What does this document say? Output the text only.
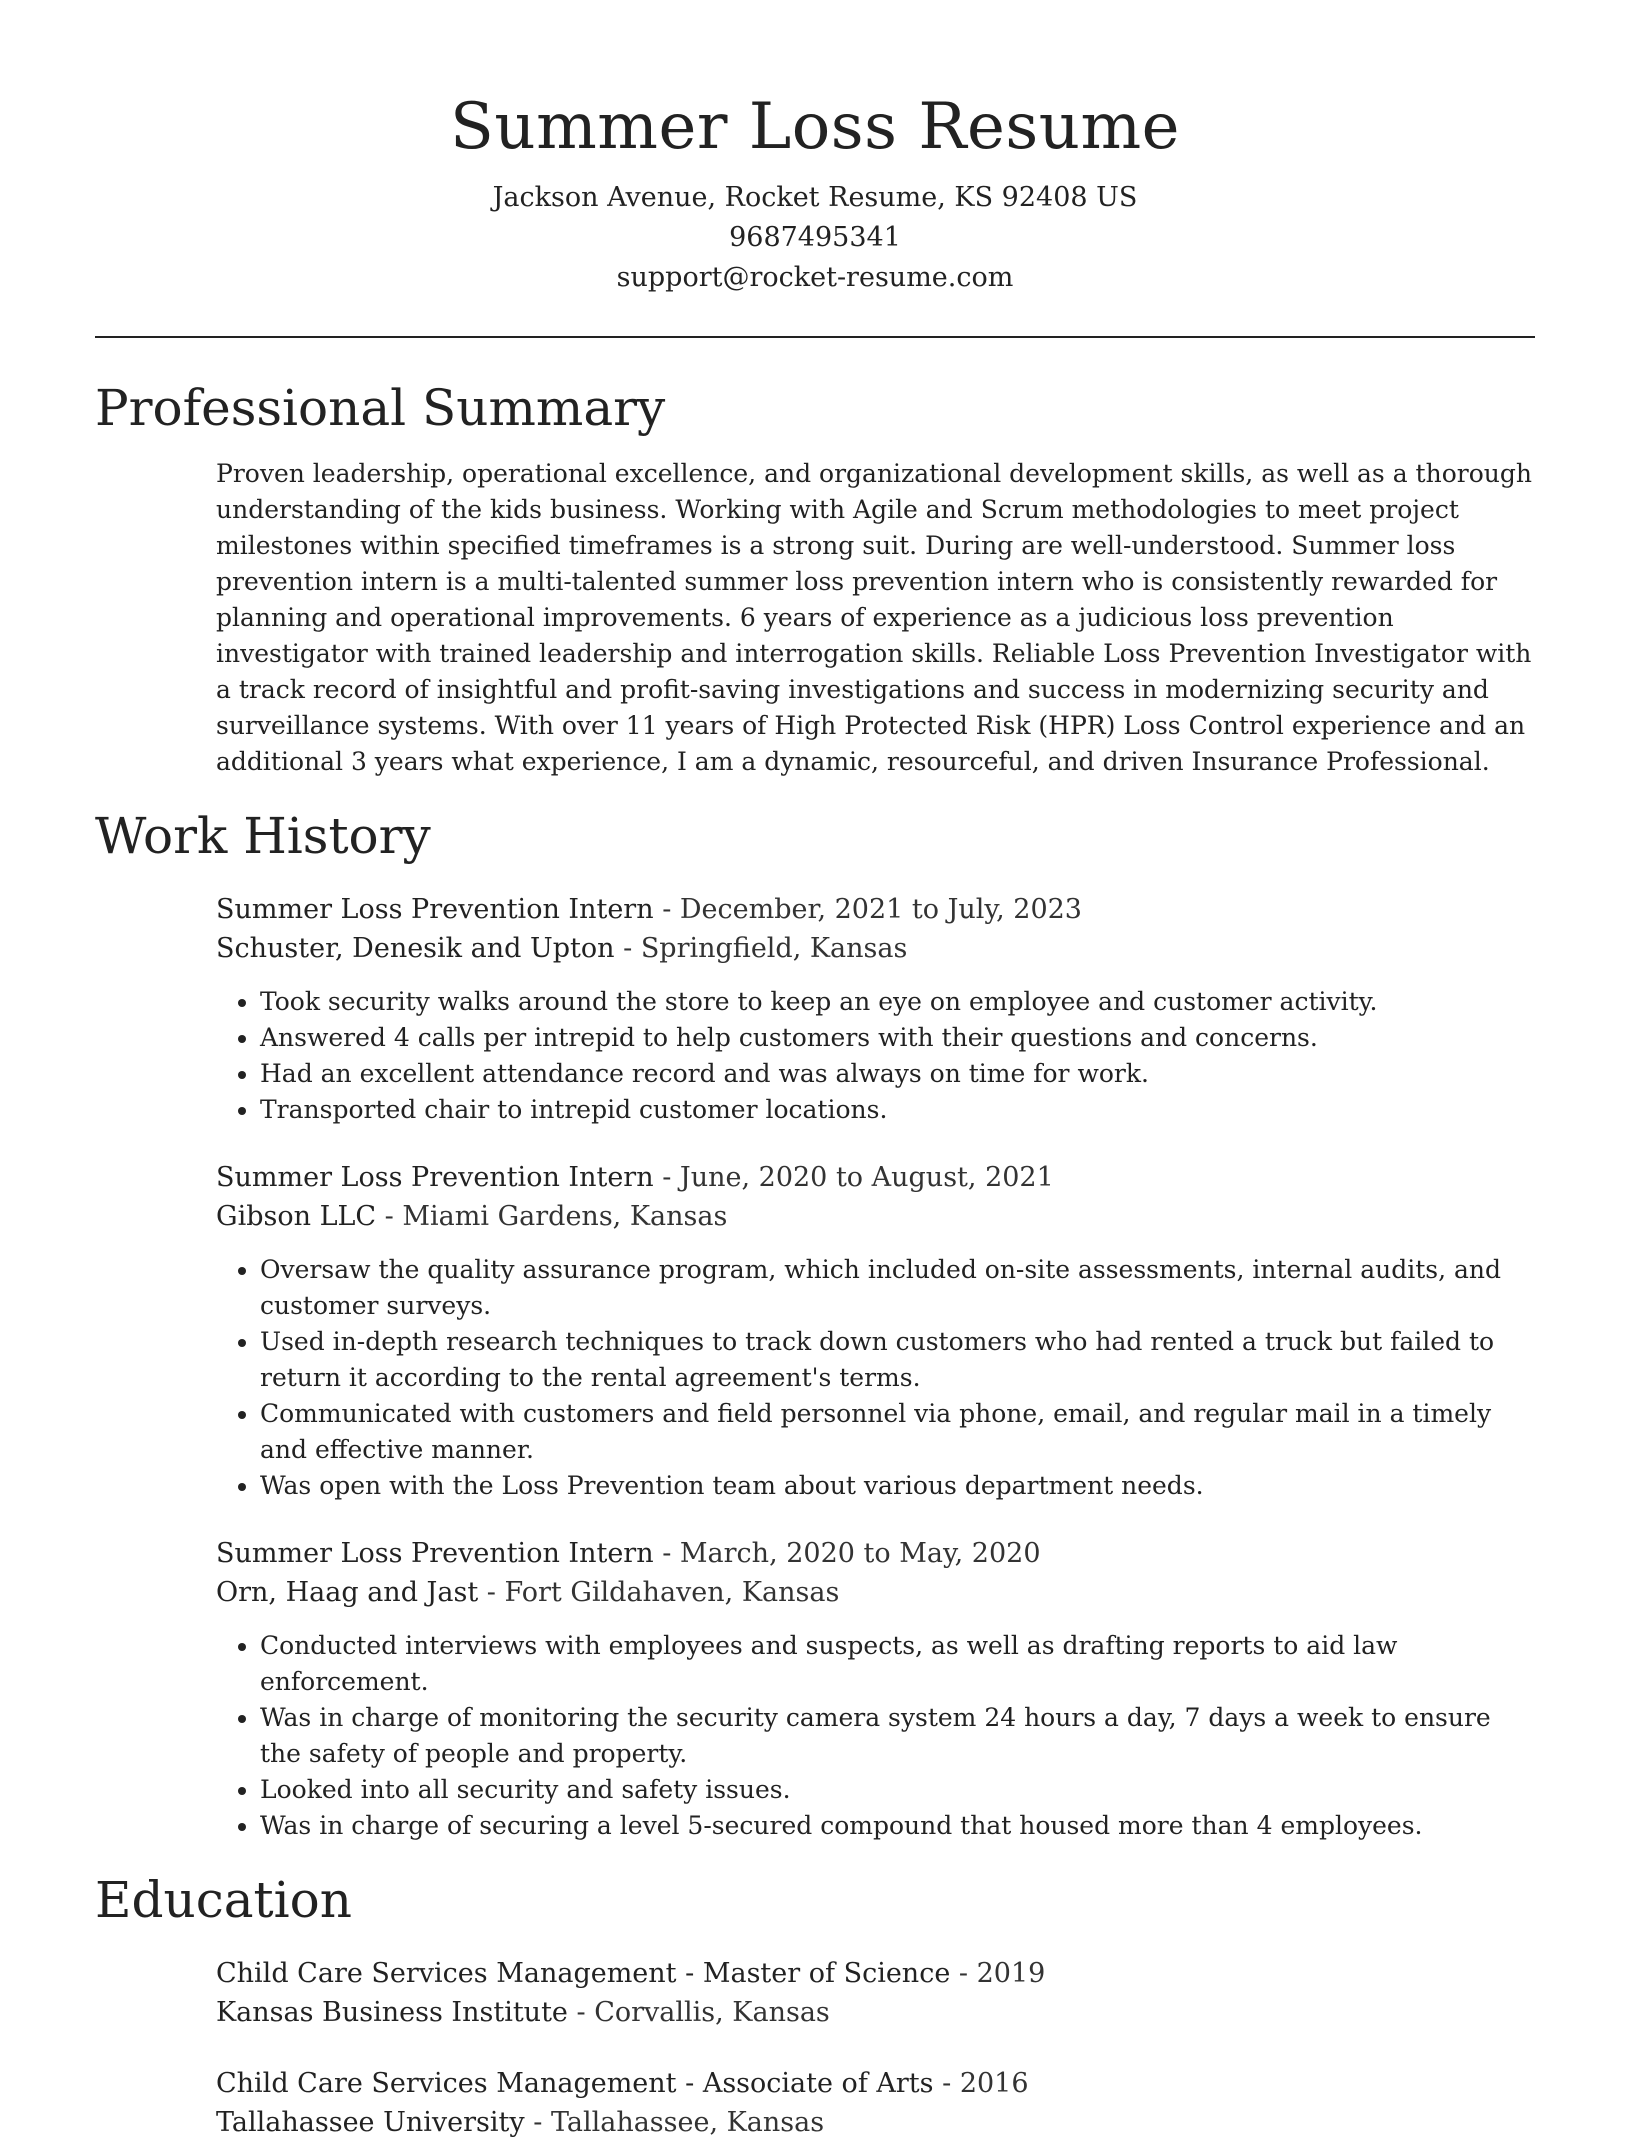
Summer Loss Resume
Jackson Avenue, Rocket Resume, KS 92408 US
9687495341
support@rocket-resume.com
Professional Summary

Proven leadership, operational excellence, and organizational development skills, as well as a thorough understanding of the kids business. Working with Agile and Scrum methodologies to meet project milestones within specified timeframes is a strong suit. During are well-understood. Summer loss prevention intern is a multi-talented summer loss prevention intern who is consistently rewarded for planning and operational improvements. 6 years of experience as a judicious loss prevention investigator with trained leadership and interrogation skills. Reliable Loss Prevention Investigator with a track record of insightful and profit-saving investigations and success in modernizing security and surveillance systems. With over 11 years of High Protected Risk (HPR) Loss Control experience and an additional 3 years what experience, I am a dynamic, resourceful, and driven Insurance Professional.

Work History
Summer Loss Prevention Intern - December, 2021 to July, 2023
Schuster, Denesik and Upton - Springfield, Kansas
• Took security walks around the store to keep an eye on employee and customer activity.
• Answered 4 calls per intrepid to help customers with their questions and concerns.
• Had an excellent attendance record and was always on time for work.
• Transported chair to intrepid customer locations.
Summer Loss Prevention Intern - June, 2020 to August, 2021
Gibson LLC - Miami Gardens, Kansas
• Oversaw the quality assurance program, which included on-site assessments, internal audits, and customer surveys.
• Used in-depth research techniques to track down customers who had rented a truck but failed to return it according to the rental agreement's terms.
• Communicated with customers and field personnel via phone, email, and regular mail in a timely and effective manner.
• Was open with the Loss Prevention team about various department needs.
Summer Loss Prevention Intern - March, 2020 to May, 2020
Orn, Haag and Jast - Fort Gildahaven, Kansas
• Conducted interviews with employees and suspects, as well as drafting reports to aid law enforcement.
• Was in charge of monitoring the security camera system 24 hours a day, 7 days a week to ensure the safety of people and property.
• Looked into all security and safety issues.
• Was in charge of securing a level 5-secured compound that housed more than 4 employees.
Education
Child Care Services Management - Master of Science - 2019
Kansas Business Institute - Corvallis, Kansas
Child Care Services Management - Associate of Arts - 2016
Tallahassee University - Tallahassee, Kansas
